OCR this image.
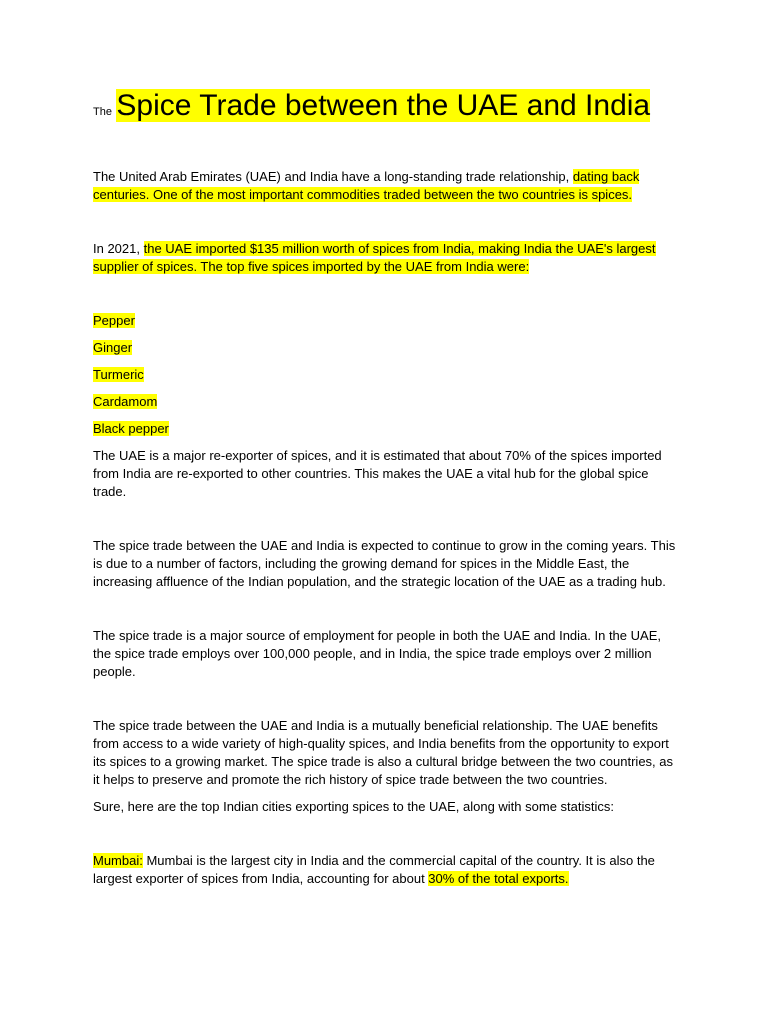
The Spice Trade between the UAE and India

The United Arab Emirates (UAE) and India have a long-standing trade relationship, dating back centuries. One of the most important commodities traded between the two countries is spices.

In 2021, the UAE imported $135 million worth of spices from India, making India the UAE's largest supplier of spices. The top five spices imported by the UAE from India were:

Pepper
Ginger
Turmeric
Cardamom
Black pepper

The UAE is a major re-exporter of spices, and it is estimated that about 70% of the spices imported from India are re-exported to other countries. This makes the UAE a vital hub for the global spice trade.

The spice trade between the UAE and India is expected to continue to grow in the coming years. This is due to a number of factors, including the growing demand for spices in the Middle East, the increasing affluence of the Indian population, and the strategic location of the UAE as a trading hub.

The spice trade is a major source of employment for people in both the UAE and India. In the UAE, the spice trade employs over 100,000 people, and in India, the spice trade employs over 2 million people.

The spice trade between the UAE and India is a mutually beneficial relationship. The UAE benefits from access to a wide variety of high-quality spices, and India benefits from the opportunity to export its spices to a growing market. The spice trade is also a cultural bridge between the two countries, as it helps to preserve and promote the rich history of spice trade between the two countries.

Sure, here are the top Indian cities exporting spices to the UAE, along with some statistics:

Mumbai: Mumbai is the largest city in India and the commercial capital of the country. It is also the largest exporter of spices from India, accounting for about 30% of the total exports.
